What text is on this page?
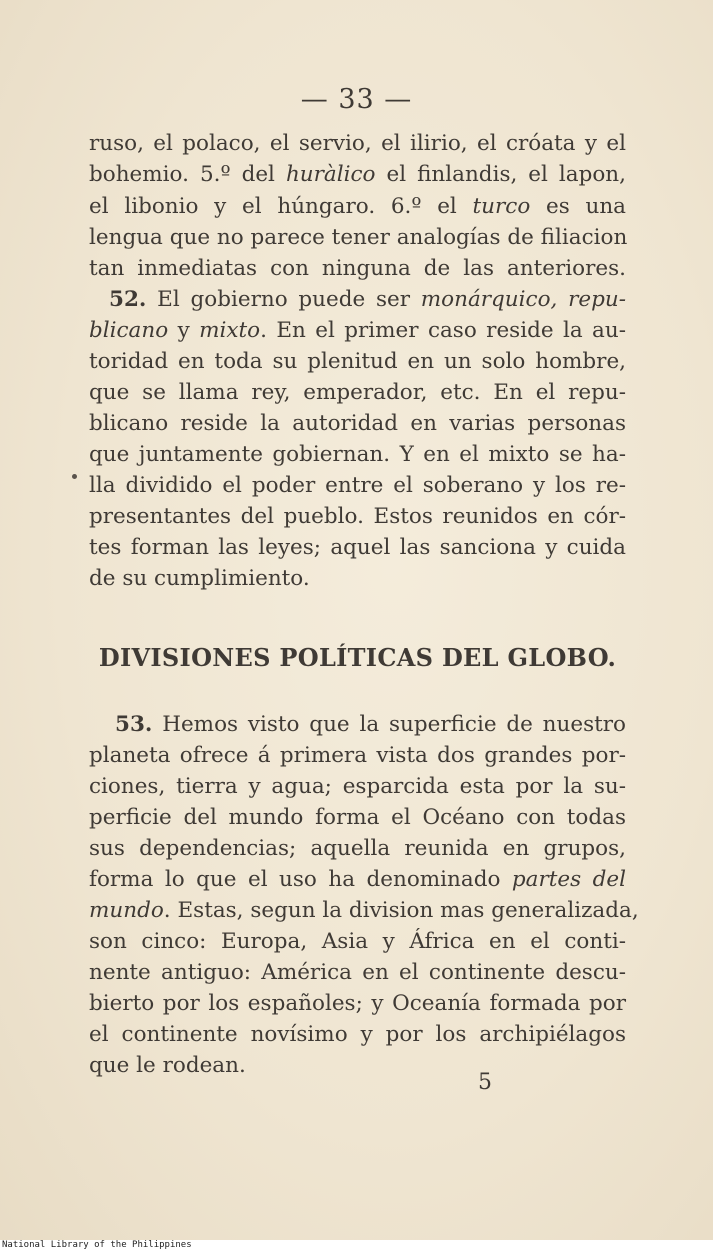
— 33 —
ruso, el polaco, el servio, el ilirio, el cróata y el
bohemio. 5.º del huràlico el finlandis, el lapon,
el libonio y el húngaro. 6.º el turco es una
lengua que no parece tener analogías de filiacion
tan inmediatas con ninguna de las anteriores.
52. El gobierno puede ser monárquico, repu-
blicano y mixto. En el primer caso reside la au-
toridad en toda su plenitud en un solo hombre,
que se llama rey, emperador, etc. En el repu-
blicano reside la autoridad en varias personas
que juntamente gobiernan. Y en el mixto se ha-
lla dividido el poder entre el soberano y los re-
presentantes del pueblo. Estos reunidos en cór-
tes forman las leyes; aquel las sanciona y cuida
de su cumplimiento.
DIVISIONES POLÍTICAS DEL GLOBO.
53. Hemos visto que la superficie de nuestro
planeta ofrece á primera vista dos grandes por-
ciones, tierra y agua; esparcida esta por la su-
perficie del mundo forma el Océano con todas
sus dependencias; aquella reunida en grupos,
forma lo que el uso ha denominado partes del
mundo. Estas, segun la division mas generalizada,
son cinco: Europa, Asia y África en el conti-
nente antiguo: América en el continente descu-
bierto por los españoles; y Oceanía formada por
el continente novísimo y por los archipiélagos
que le rodean.
5
National Library of the Philippines
